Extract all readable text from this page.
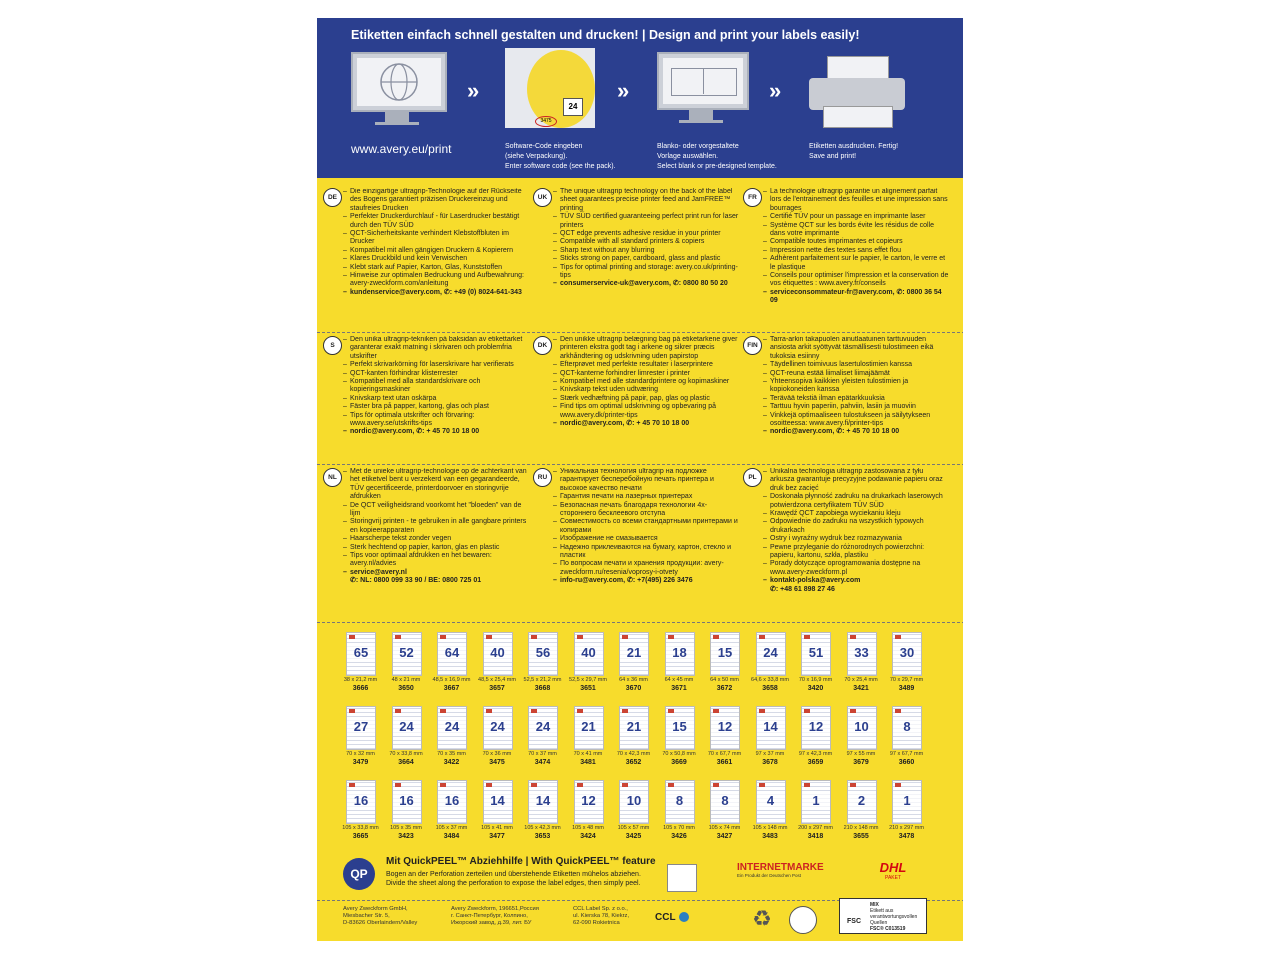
Etiketten einfach schnell gestalten und drucken! | Design and print your labels easily!
www.avery.eu/print
»
24
3475
Software-Code eingeben
(siehe Verpackung).
Enter software code (see the pack).
»
Blanko- oder vorgestaltete
Vorlage auswählen.
Select blank or pre-designed template.
»
Etiketten ausdrucken. Fertig!
Save and print!
DE
– Die einzigartige ultragrip-Technologie auf der Rückseite des Bogens garantiert präzisen Druckereinzug und staufreies Drucken
– Perfekter Druckerdurchlauf - für Laserdrucker bestätigt durch den TÜV SÜD
– QCT-Sicherheitskante verhindert Klebstoffbluten im Drucker
– Kompatibel mit allen gängigen Druckern & Kopierern
– Klares Druckbild und kein Verwischen
– Klebt stark auf Papier, Karton, Glas, Kunststoffen
– Hinweise zur optimalen Bedruckung und Aufbewahrung: avery-zweckform.com/anleitung
– kundenservice@avery.com, ✆: +49 (0) 8024-641-343
UK
– The unique ultragrip technology on the back of the label sheet guarantees precise printer feed and JamFREE™ printing
– TÜV SÜD certified guaranteeing perfect print run for laser printers
– QCT edge prevents adhesive residue in your printer
– Compatible with all standard printers & copiers
– Sharp text without any blurring
– Sticks strong on paper, cardboard, glass and plastic
– Tips for optimal printing and storage: avery.co.uk/printing-tips
– consumerservice-uk@avery.com, ✆: 0800 80 50 20
FR
– La technologie ultragrip garantie un alignement parfait lors de l'entrainement des feuilles et une impression sans bourrages
– Certifié TÜV pour un passage en imprimante laser
– Système QCT sur les bords évite les résidus de colle dans votre imprimante
– Compatible toutes imprimantes et copieurs
– Impression nette des textes sans effet flou
– Adhèrent parfaitement sur le papier, le carton, le verre et le plastique
– Conseils pour optimiser l'impression et la conservation de vos étiquettes : www.avery.fr/conseils
– serviceconsommateur-fr@avery.com, ✆: 0800 36 54 09
S
– Den unika ultragrip-tekniken på baksidan av etikettarket garanterar exakt matning i skrivaren och problemfria utskrifter
– Perfekt skrivarkörning för laserskrivare har verifierats
– QCT-kanten förhindrar klisterrester
– Kompatibel med alla standardskrivare och kopieringsmaskiner
– Knivskarp text utan oskärpa
– Fäster bra på papper, kartong, glas och plast
– Tips för optimala utskrifter och förvaring: www.avery.se/utskrifts-tips
– nordic@avery.com, ✆: + 45 70 10 18 00
DK
– Den unikke ultragrip belægning bag på etiketarkene giver printeren ekstra godt tag i arkene og sikrer præcis arkhåndtering og udskrivning uden papirstop
– Efterprøvet med perfekte resultater i laserprintere
– QCT-kanterne forhindrer limrester i printer
– Kompatibel med alle standardprintere og kopimaskiner
– Knivskarp tekst uden udtværing
– Stærk vedhæftning på papir, pap, glas og plastic
– Find tips om optimal udskrivning og opbevaring på www.avery.dk/printer-tips
– nordic@avery.com, ✆: + 45 70 10 18 00
FIN
– Tarra-arkin takapuolen ainutlaatuinen tarttuvuuden ansiosta arkit syöttyvät täsmällisesti tulostimeen eikä tukoksia esiinny
– Täydellinen toimivuus lasertulostimien kanssa
– QCT-reuna estää liimaliset liimajäämät
– Yhteensopiva kaikkien yleisten tulostimien ja kopiokoneiden kanssa
– Terävää tekstiä ilman epätarkkuuksia
– Tarttuu hyvin paperiin, pahviin, lasiin ja muoviin
– Vinkkejä optimaaliseen tulostukseen ja säilytykseen osoitteessa: www.avery.fi/printer-tips
– nordic@avery.com, ✆: + 45 70 10 18 00
NL
– Met de unieke ultragrip-technologie op de achterkant van het etiketvel bent u verzekerd van een gegarandeerde, TÜV gecertificeerde, printerdoorvoer en storingvrije afdrukken
– De QCT veiligheidsrand voorkomt het "bloeden" van de lijm
– Storingvrij printen - te gebruiken in alle gangbare printers en kopieerapparaten
– Haarscherpe tekst zonder vegen
– Sterk hechtend op papier, karton, glas en plastic
– Tips voor optimaal afdrukken en het bewaren: avery.nl/advies
– service@avery.nl
✆: NL: 0800 099 33 90 / BE: 0800 725 01
RU
– Уникальная технология ultragrip на подложке гарантирует бесперебойную печать принтера и высокое качество печати
– Гарантия печати на лазерных принтерах
– Безопасная печать благодаря технологии 4х-стороннего бесклеевого отступа
– Совместимость со всеми стандартными принтерами и копирами
– Изображение не смазывается
– Надежно приклеиваются на бумагу, картон, стекло и пластик
– По вопросам печати и хранения продукции: avery-zweckform.ru/resenia/voprosy-i-otvety
– info-ru@avery.com, ✆: +7(495) 226 3476
PL
– Unikalna technologia ultragrip zastosowana z tyłu arkusza gwarantuje precyzyjne podawanie papieru oraz druk bez zacięć
– Doskonała płynność zadruku na drukarkach laserowych potwierdzona certyfikatem TÜV SÜD
– Krawędź QCT zapobiega wyciekaniu kleju
– Odpowiednie do zadruku na wszystkich typowych drukarkach
– Ostry i wyraźny wydruk bez rozmazywania
– Pewne przyleganie do różnorodnych powierzchni: papieru, kartonu, szkła, plastiku
– Porady dotyczące oprogramowania dostępne na www.avery-zweckform.pl
– kontakt-polska@avery.com
✆: +48 61 898 27 46
65
38 x 21,2 mm
3666
52
48 x 21 mm
3650
64
48,5 x 16,9 mm
3667
40
48,5 x 25,4 mm
3657
56
52,5 x 21,2 mm
3668
40
52,5 x 29,7 mm
3651
21
64 x 36 mm
3670
18
64 x 45 mm
3671
15
64 x 50 mm
3672
24
64,6 x 33,8 mm
3658
51
70 x 16,9 mm
3420
33
70 x 25,4 mm
3421
30
70 x 29,7 mm
3489
27
70 x 32 mm
3479
24
70 x 33,8 mm
3664
24
70 x 35 mm
3422
24
70 x 36 mm
3475
24
70 x 37 mm
3474
21
70 x 41 mm
3481
21
70 x 42,3 mm
3652
15
70 x 50,8 mm
3669
12
70 x 67,7 mm
3661
14
97 x 37 mm
3678
12
97 x 42,3 mm
3659
10
97 x 55 mm
3679
8
97 x 67,7 mm
3660
16
105 x 33,8 mm
3665
16
105 x 35 mm
3423
16
105 x 37 mm
3484
14
105 x 41 mm
3477
14
105 x 42,3 mm
3653
12
105 x 48 mm
3424
10
105 x 57 mm
3425
8
105 x 70 mm
3426
8
105 x 74 mm
3427
4
105 x 148 mm
3483
1
200 x 297 mm
3418
2
210 x 148 mm
3655
1
210 x 297 mm
3478
QP
Mit QuickPEEL™ Abziehhilfe | With QuickPEEL™ feature
Bogen an der Perforation zerteilen und überstehende Etiketten mühelos abziehen.
Divide the sheet along the perforation to expose the label edges, then simply peel.
INTERNETMARKE
Ein Produkt der Deutschen Post
DHL
PAKET
Avery Zweckform GmbH,
Miesbacher Str. 5,
D-83626 Oberlaindern/Valley
Avery Zweckform, 196651,Россия
г. Санкт-Петербург, Колпино,
Ижорский завод, д.39, лит. БУ
CCL Label Sp. z o.o.,
ul. Kierska 78, Kiekrz,
62-090 Rokietnica	CCL	♻	FSC
MIX
Etikett aus verantwortungsvollen Quellen
FSC® C013519
